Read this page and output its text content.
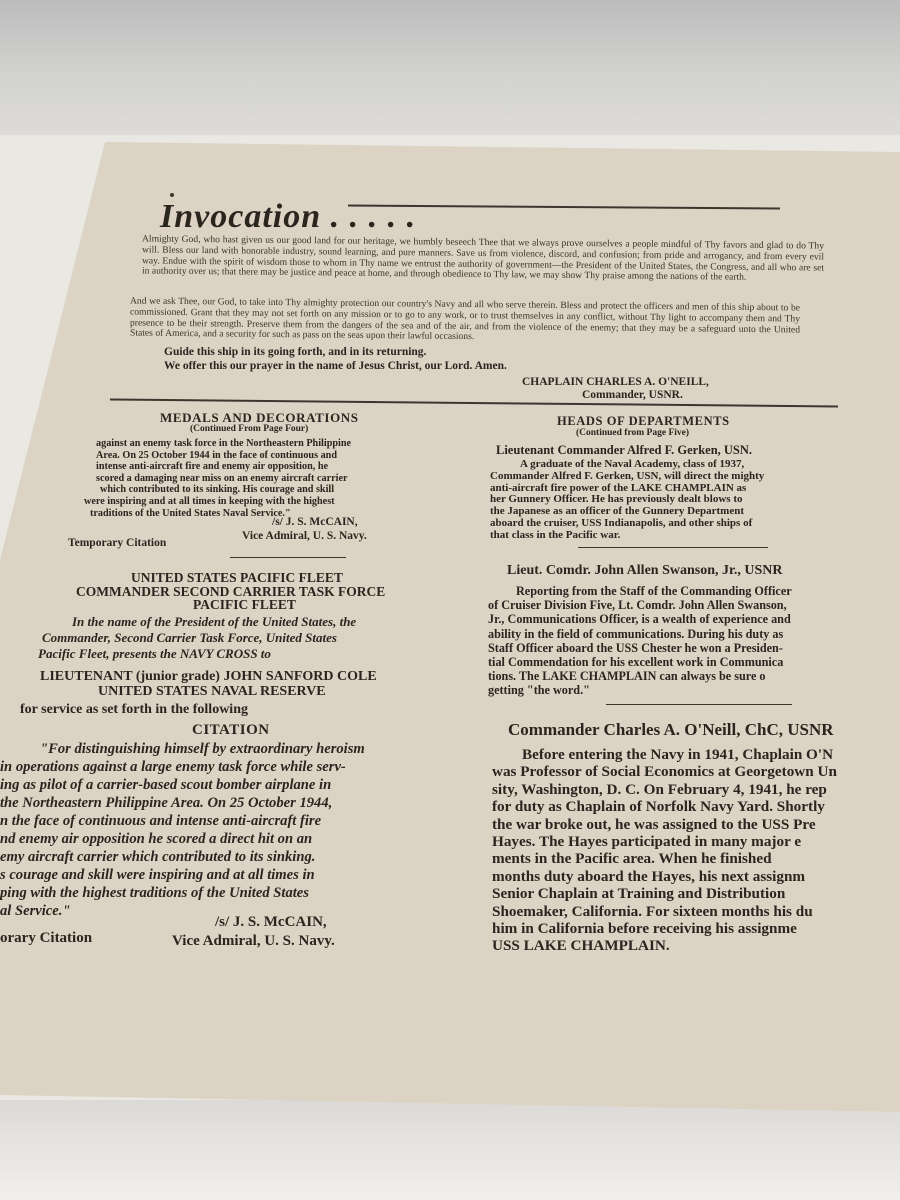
Invocation . . . . .
Almighty God, who hast given us our good land for our heritage, we humbly beseech Thee that we always prove ourselves a people mindful of Thy favors and glad to do Thy will. Bless our land with honorable industry, sound learning, and pure manners. Save us from violence, discord, and confusion; from pride and arrogancy, and from every evil way. Endue with the spirit of wisdom those to whom in Thy name we entrust the authority of government—the President of the United States, the Congress, and all who are set in authority over us; that there may be justice and peace at home, and through obedience to Thy law, we may show Thy praise among the nations of the earth.
And we ask Thee, our God, to take into Thy almighty protection our country's Navy and all who serve therein. Bless and protect the officers and men of this ship about to be commissioned. Grant that they may not set forth on any mission or to go to any work, or to trust themselves in any conflict, without Thy light to accompany them and Thy presence to be their strength. Preserve them from the dangers of the sea and of the air, and from the violence of the enemy; that they may be a safeguard unto the United States of America, and a security for such as pass on the seas upon their lawful occasions.
Guide this ship in its going forth, and in its returning.
We offer this our prayer in the name of Jesus Christ, our Lord. Amen.
CHAPLAIN CHARLES A. O'NEILL,
Commander, USNR.
MEDALS AND DECORATIONS
(Continued From Page Four)
against an enemy task force in the Northeastern Philippine
Area. On 25 October 1944 in the face of continuous and
intense anti-aircraft fire and enemy air opposition, he
scored a damaging near miss on an enemy aircraft carrier
which contributed to its sinking. His courage and skill
were inspiring and at all times in keeping with the highest
traditions of the United States Naval Service."
/s/ J. S. McCAIN,
Vice Admiral, U. S. Navy.
Temporary Citation
UNITED STATES PACIFIC FLEET
COMMANDER SECOND CARRIER TASK FORCE
PACIFIC FLEET
In the name of the President of the United States, the
Commander, Second Carrier Task Force, United States
Pacific Fleet, presents the NAVY CROSS to
LIEUTENANT (junior grade) JOHN SANFORD COLE
UNITED STATES NAVAL RESERVE
for service as set forth in the following
CITATION
"For distinguishing himself by extraordinary heroism
in operations against a large enemy task force while serv-
ing as pilot of a carrier-based scout bomber airplane in
the Northeastern Philippine Area. On 25 October 1944,
n the face of continuous and intense anti-aircraft fire
nd enemy air opposition he scored a direct hit on an
emy aircraft carrier which contributed to its sinking.
s courage and skill were inspiring and at all times in
ping with the highest traditions of the United States
al Service."
/s/ J. S. McCAIN,
orary Citation	Vice Admiral, U. S. Navy.
HEADS OF DEPARTMENTS
(Continued from Page Five)
Lieutenant Commander Alfred F. Gerken, USN.
A graduate of the Naval Academy, class of 1937,
Commander Alfred F. Gerken, USN, will direct the mighty
anti-aircraft fire power of the LAKE CHAMPLAIN as
her Gunnery Officer. He has previously dealt blows to
the Japanese as an officer of the Gunnery Department
aboard the cruiser, USS Indianapolis, and other ships of
that class in the Pacific war.
Lieut. Comdr. John Allen Swanson, Jr., USNR
Reporting from the Staff of the Commanding Officer
of Cruiser Division Five, Lt. Comdr. John Allen Swanson,
Jr., Communications Officer, is a wealth of experience and
ability in the field of communications. During his duty as
Staff Officer aboard the USS Chester he won a Presiden-
tial Commendation for his excellent work in Communica
tions. The LAKE CHAMPLAIN can always be sure o
getting "the word."
Commander Charles A. O'Neill, ChC, USNR
Before entering the Navy in 1941, Chaplain O'N
was Professor of Social Economics at Georgetown Un
sity, Washington, D. C. On February 4, 1941, he rep
for duty as Chaplain of Norfolk Navy Yard. Shortly
the war broke out, he was assigned to the USS Pre
Hayes. The Hayes participated in many major e
ments in the Pacific area. When he finished
months duty aboard the Hayes, his next assignm
Senior Chaplain at Training and Distribution
Shoemaker, California. For sixteen months his du
him in California before receiving his assignme
USS LAKE CHAMPLAIN.
